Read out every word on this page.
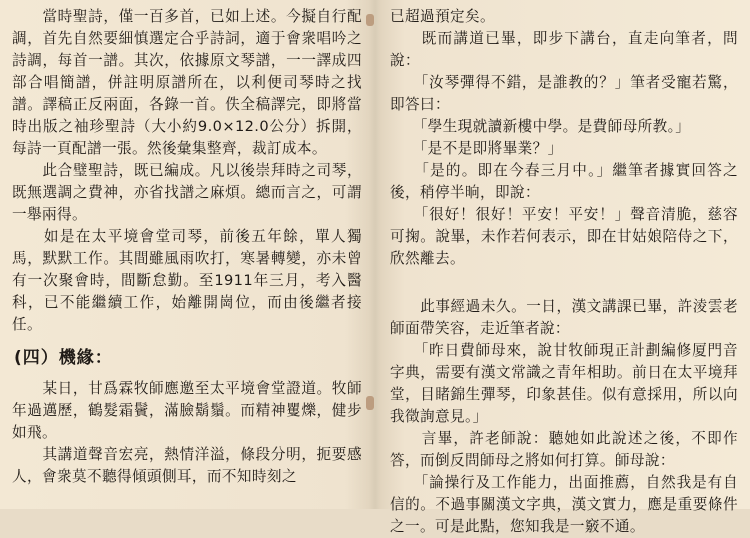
　　當時聖詩，僅一百多首，已如上述。今擬自行配調，首先自然要細慎選定合乎詩詞，適于會衆唱吟之詩調，每首一譜。其次，依據原文琴譜，一一譯成四部合唱簡譜，併註明原譜所在，以利便司琴時之找譜。譯稿正反兩面，各錄一首。佚全稿譯完，即將當時出版之袖珍聖詩（大小約9.0×12.0公分）拆開，每詩一頁配譜一張。然後彙集整齊，裁訂成本。

　　此合璧聖詩，既已編成。凡以後崇拜時之司琴，既無選調之費神，亦省找譜之麻煩。總而言之，可謂一舉兩得。

　　如是在太平境會堂司琴，前後五年餘，單人獨馬，默默工作。其間雖風雨吹打，寒暑轉變，亦未曾有一次聚會時，間斷怠勤。至1911年三月，考入醫科，已不能繼續工作，始離開崗位，而由後繼者接任。

(四）機緣：

　　某日，甘爲霖牧師應邀至太平境會堂證道。牧師年過邁歷，鶴髮霜鬢，滿臉鬍鬚。而精神矍爍，健步如飛。

　　其講道聲音宏亮，熱情洋溢，條段分明，扼要感人，會衆莫不聽得傾頭側耳，而不知時刻之

已超過預定矣。

　　既而講道已畢，即步下講台，直走向筆者，問說：

　　「汝琴彈得不錯，是誰教的？」筆者受寵若驚，即答曰：

　　「學生現就讀新樓中學。是費師母所教。」

　　「是不是即將畢業？」

　　「是的。即在今春三月中。」繼筆者據實回答之後，稍停半晌，即說：

　　「很好！很好！平安！平安！」聲音清脆，慈容可掬。說畢，未作若何表示，即在甘姑娘陪侍之下，欣然離去。

　　此事經過未久。一日，漢文講課已畢，許淩雲老師面帶笑容，走近筆者說：

　　「昨日費師母來，說甘牧師現正計劃編修厦門音字典，需要有漢文常識之青年相助。前日在太平境拜堂，目睹錦生彈琴，印象甚佳。似有意採用，所以向我徵詢意見。」

　　言畢，許老師說：聽她如此說述之後，不即作答，而倒反問師母之將如何打算。師母說：

　　「論操行及工作能力，出面推薦，自然我是有自信的。不過事關漢文字典，漢文實力，應是重要條件之一。可是此點，您知我是一竅不通。
